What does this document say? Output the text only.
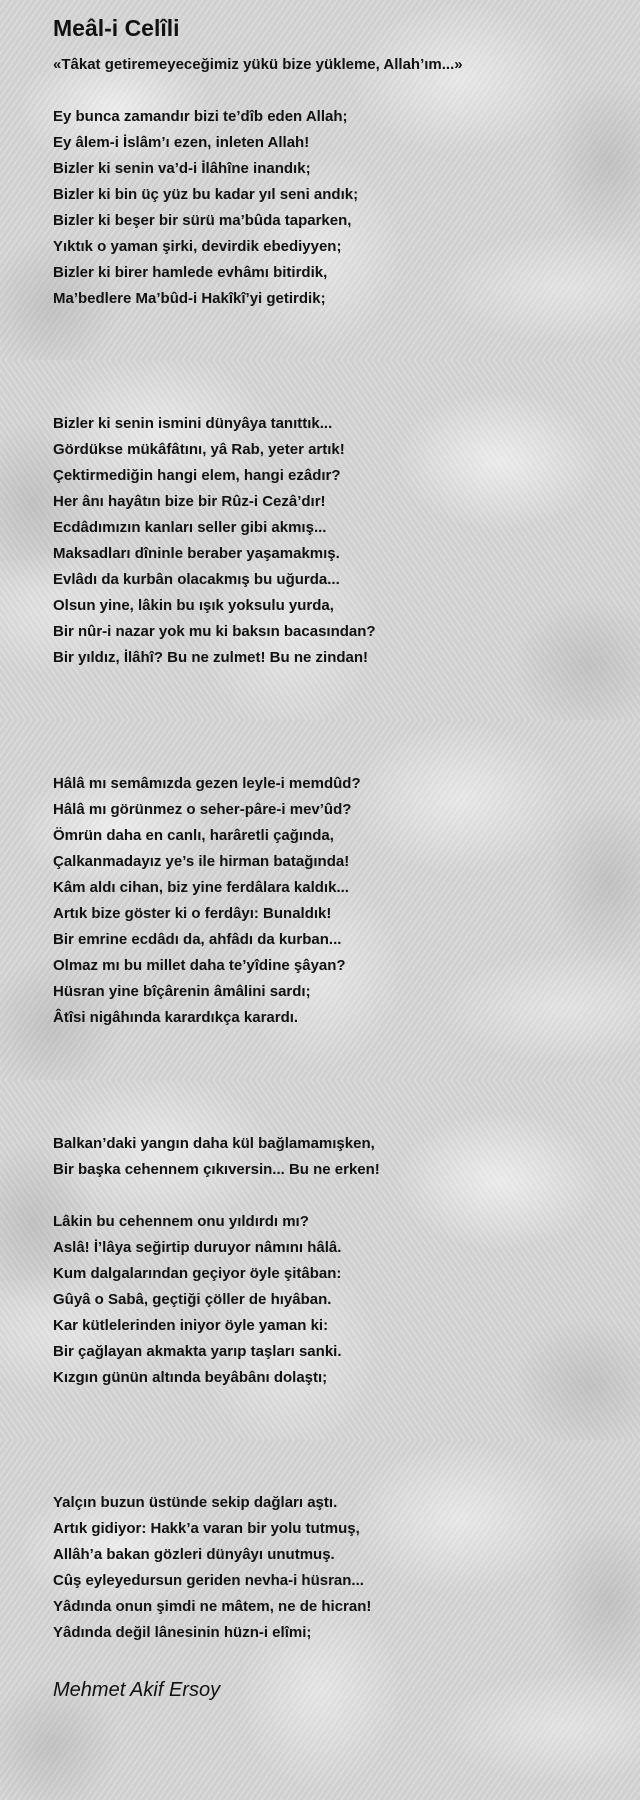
Meâl-i Celîli
«Tâkat getiremeyeceğimiz yükü bize yükleme, Allah’ım...»
Ey bunca zamandır bizi te’dîb eden Allah;
Ey âlem-i İslâm’ı ezen, inleten Allah!
Bizler ki senin va’d-i İlâhîne inandık;
Bizler ki bin üç yüz bu kadar yıl seni andık;
Bizler ki beşer bir sürü ma’bûda taparken,
Yıktık o yaman şirki, devirdik ebediyyen;
Bizler ki birer hamlede evhâmı bitirdik,
Ma’bedlere Ma’bûd-i Hakîkî’yi getirdik;
Bizler ki senin ismini dünyâya tanıttık...
Gördükse mükâfâtını, yâ Rab, yeter artık!
Çektirmediğin hangi elem, hangi ezâdır?
Her ânı hayâtın bize bir Rûz-i Cezâ’dır!
Ecdâdımızın kanları seller gibi akmış...
Maksadları dîninle beraber yaşamakmış.
Evlâdı da kurbân olacakmış bu uğurda...
Olsun yine, lâkin bu ışık yoksulu yurda,
Bir nûr-i nazar yok mu ki baksın bacasından?
Bir yıldız, İlâhî? Bu ne zulmet! Bu ne zindan!
Hâlâ mı semâmızda gezen leyle-i memdûd?
Hâlâ mı görünmez o seher-pâre-i mev’ûd?
Ömrün daha en canlı, harâretli çağında,
Çalkanmadayız ye’s ile hirman batağında!
Kâm aldı cihan, biz yine ferdâlara kaldık...
Artık bize göster ki o ferdâyı: Bunaldık!
Bir emrine ecdâdı da, ahfâdı da kurban...
Olmaz mı bu millet daha te’yîdine şâyan?
Hüsran yine bîçârenin âmâlini sardı;
Âtîsi nigâhında karardıkça karardı.
Balkan’daki yangın daha kül bağlamamışken,
Bir başka cehennem çıkıversin... Bu ne erken!
Lâkin bu cehennem onu yıldırdı mı?
Aslâ! İ’lâya seğirtip duruyor nâmını hâlâ.
Kum dalgalarından geçiyor öyle şitâban:
Gûyâ o Sabâ, geçtiği çöller de hıyâban.
Kar kütlelerinden iniyor öyle yaman ki:
Bir çağlayan akmakta yarıp taşları sanki.
Kızgın günün altında beyâbânı dolaştı;
Yalçın buzun üstünde sekip dağları aştı.
Artık gidiyor: Hakk’a varan bir yolu tutmuş,
Allâh’a bakan gözleri dünyâyı unutmuş.
Cûş eyleyedursun geriden nevha-i hüsran...
Yâdında onun şimdi ne mâtem, ne de hicran!
Yâdında değil lânesinin hüzn-i elîmi;

Mehmet Akif Ersoy
